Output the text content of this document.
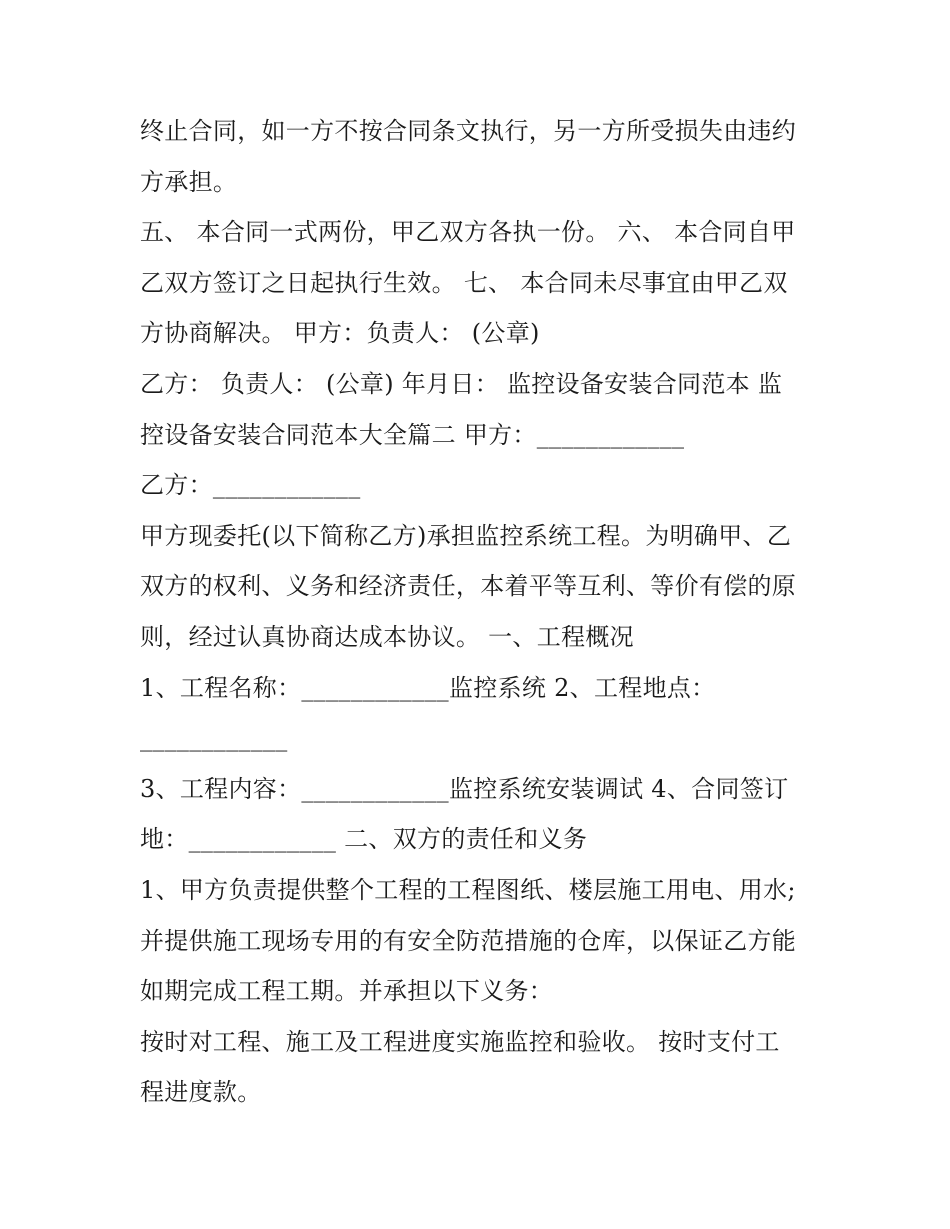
终止合同，如一方不按合同条文执行，另一方所受损失由违约
方承担。
五、 本合同一式两份，甲乙双方各执一份。 六、 本合同自甲
乙双方签订之日起执行生效。 七、 本合同未尽事宜由甲乙双
方协商解决。 甲方：负责人： (公章)
乙方： 负责人： (公章) 年月日： 监控设备安装合同范本 监
控设备安装合同范本大全篇二 甲方：____________
乙方：____________
甲方现委托(以下简称乙方)承担监控系统工程。为明确甲、乙
双方的权利、义务和经济责任，本着平等互利、等价有偿的原
则，经过认真协商达成本协议。 一、工程概况
1、工程名称：____________监控系统 2、工程地点：
____________
3、工程内容：____________监控系统安装调试 4、合同签订
地：____________ 二、双方的责任和义务
1、甲方负责提供整个工程的工程图纸、楼层施工用电、用水;
并提供施工现场专用的有安全防范措施的仓库，以保证乙方能
如期完成工程工期。并承担以下义务：
按时对工程、施工及工程进度实施监控和验收。 按时支付工
程进度款。
